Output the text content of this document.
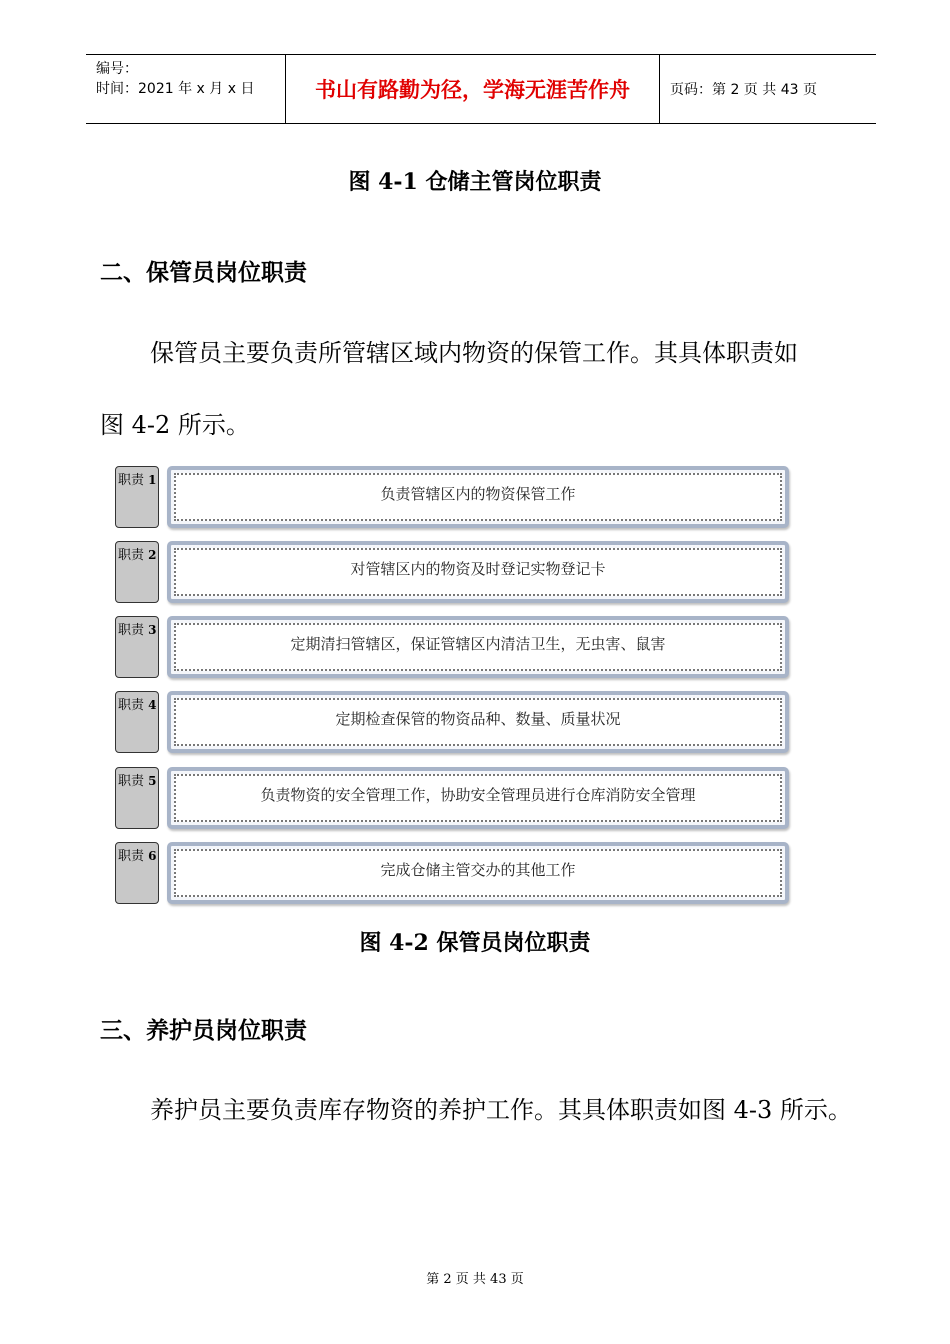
编号：
时间：2021 年 x 月 x 日	书山有路勤为径，学海无涯苦作舟	页码：第 2 页 共 43 页
图 4-1 仓储主管岗位职责
二、保管员岗位职责
保管员主要负责所管辖区域内物资的保管工作。其具体职责如
图 4-2 所示。
职责 1
负责管辖区内的物资保管工作
职责 2
对管辖区内的物资及时登记实物登记卡
职责 3
定期清扫管辖区，保证管辖区内清洁卫生，无虫害、鼠害
职责 4
定期检查保管的物资品种、数量、质量状况
职责 5
负责物资的安全管理工作，协助安全管理员进行仓库消防安全管理
职责 6
完成仓储主管交办的其他工作
图 4-2 保管员岗位职责
三、养护员岗位职责
养护员主要负责库存物资的养护工作。其具体职责如图 4-3 所示。
第 2 页 共 43 页
